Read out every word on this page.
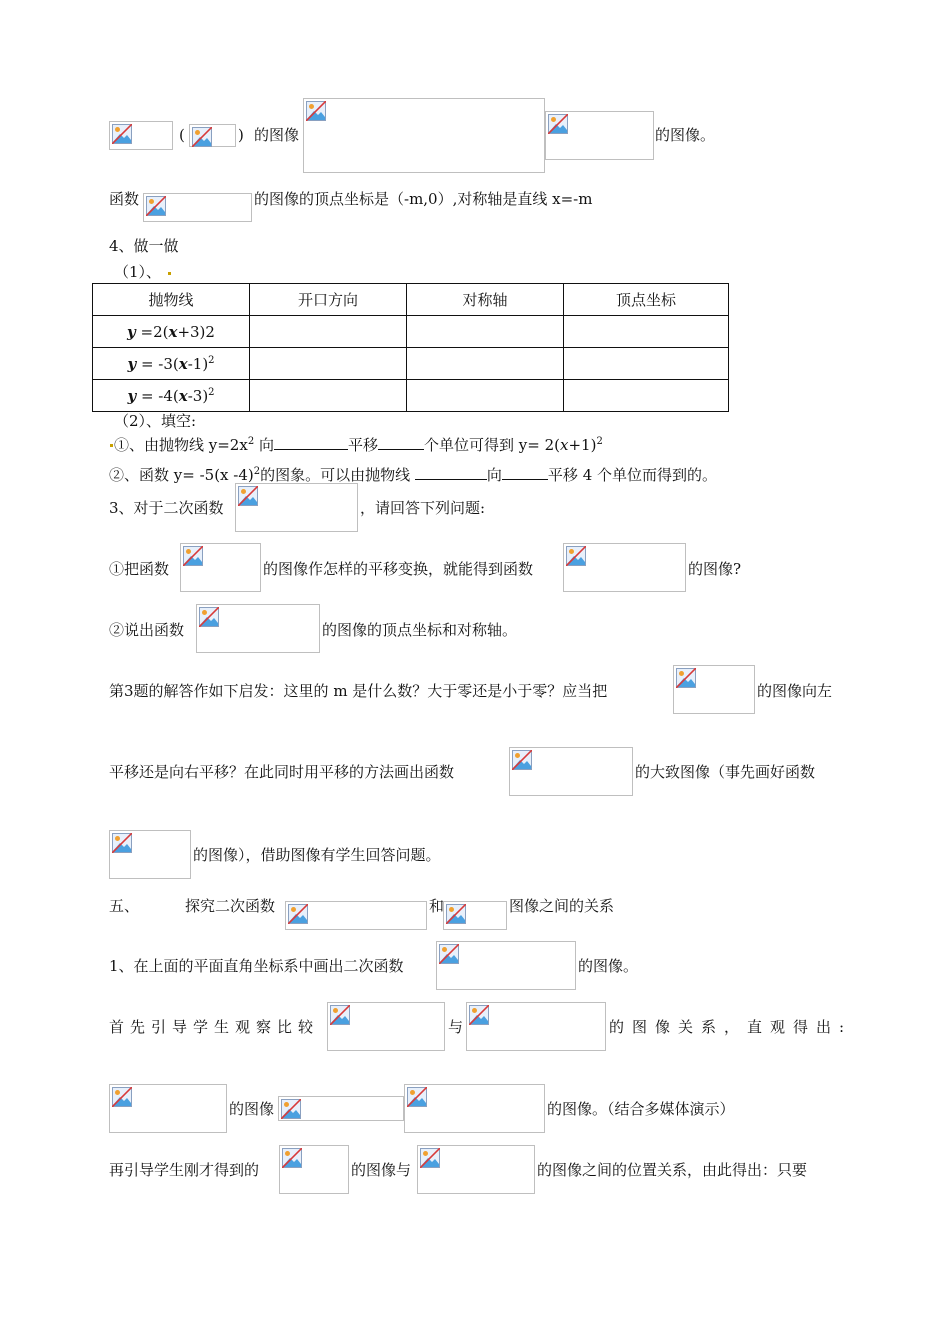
(	) 的图像	的图像。
函数	的图像的顶点坐标是（-m,0）,对称轴是直线 x=-m
4、做一做
（1）、
抛物线	开口方向	对称轴	顶点坐标
y =2(x+3)2			
$y = -3(x-1)^2$			
$y = -4(x-3)^2$			
（2）、填空:
①、由抛物线 $y=2x^2$ 向	平移	个单位可得到 $y= 2(x+1)^2$
②、函数 y= -5(x -4)$^2$的图象。可以由抛物线	向	平移 4 个单位而得到的。
3、对于二次函数	，请回答下列问题:
①把函数	的图像作怎样的平移变换，就能得到函数	的图像?
②说出函数	的图像的顶点坐标和对称轴。
第3题的解答作如下启发：这里的 m 是什么数？大于零还是小于零？应当把	的图像向左
平移还是向右平移？在此同时用平移的方法画出函数	的大致图像（事先画好函数
的图像），借助图像有学生回答问题。
五、	探究二次函数	和	图像之间的关系
1、在上面的平面直角坐标系中画出二次函数	的图像。
首先引导学生观察比较	与	的图像关系，直观得出:
的图像	的图像。（结合多媒体演示）
再引导学生刚才得到的	的图像与	的图像之间的位置关系，由此得出：只要
